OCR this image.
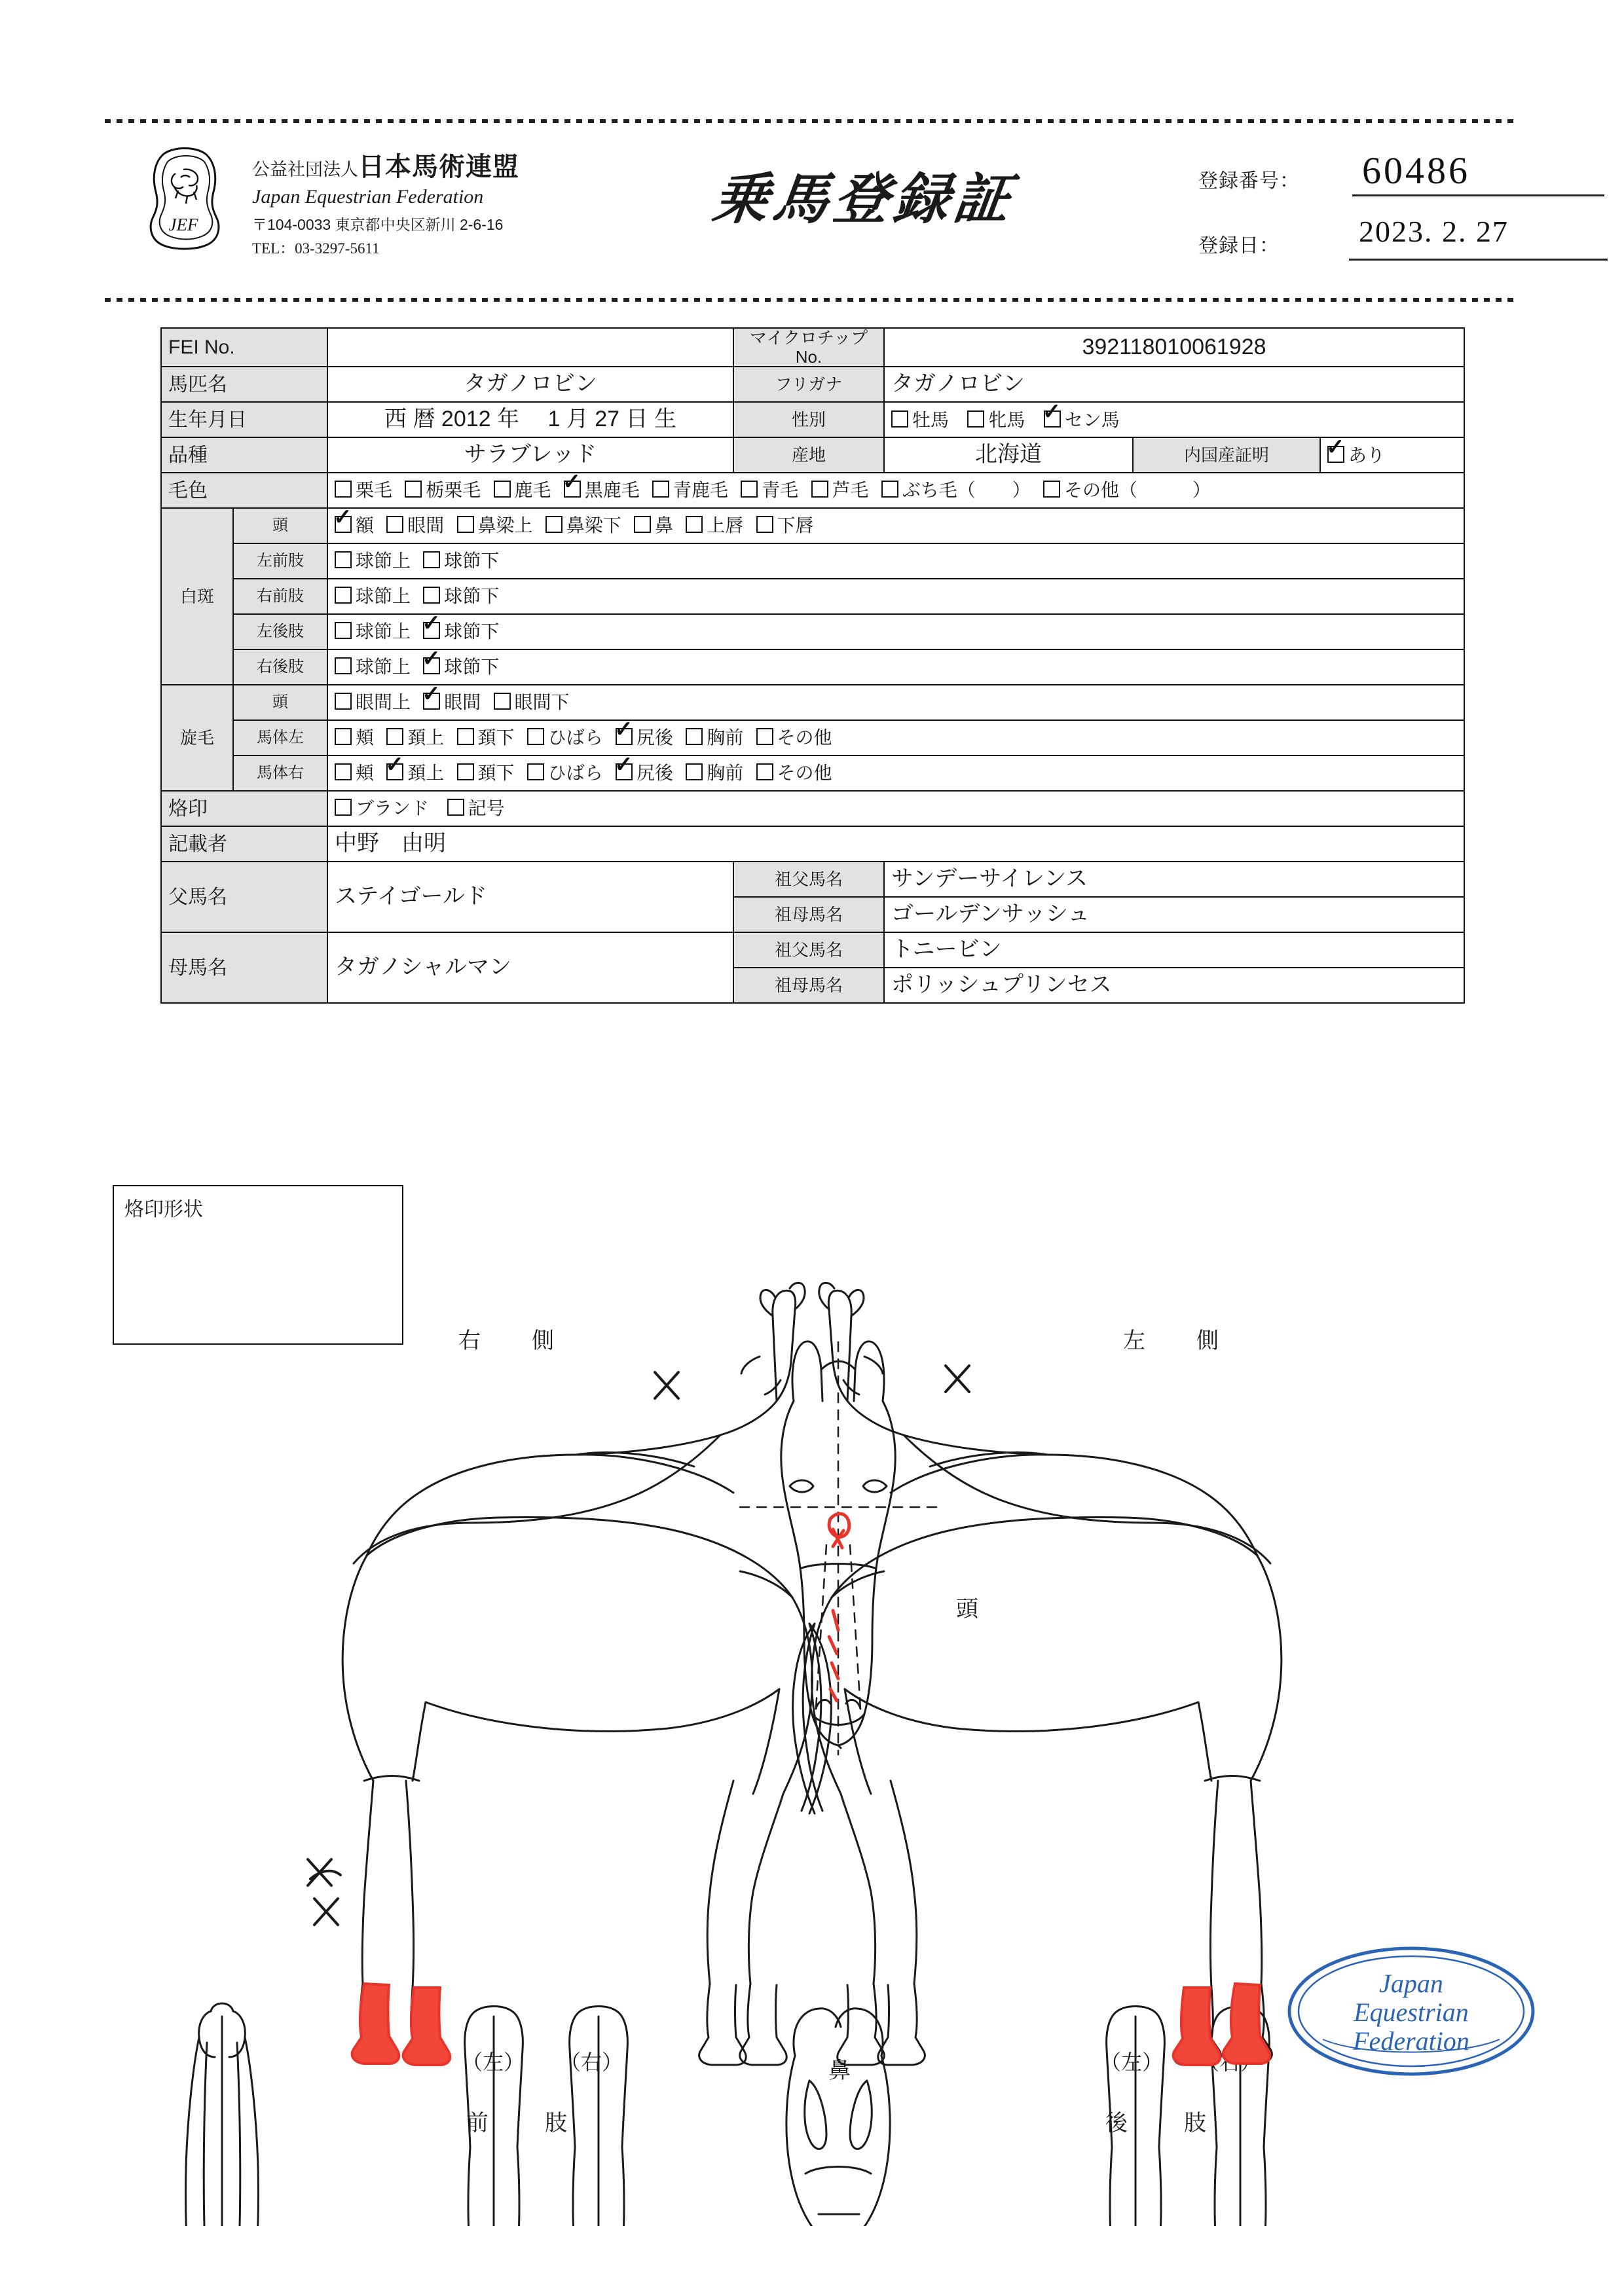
JEF
公益社団法人日本馬術連盟
Japan Equestrian Federation
〒104-0033 東京都中央区新川 2-6-16
TEL：03-3297-5611
乗馬登録証	登録番号： 60486
登録日：	2023. 2. 27
FEI No.			マイクロチップNo.	392118010061928		
馬匹名		タガノロビン	フリガナ	タガノロビン		
生年月日		西 暦 2012 年 　1 月 27 日 生	性別	牡馬 牝馬 ✓ セン馬		
品種		サラブレッド	産地	北海道	内国産証明	✓ あり
毛色		栗毛 栃栗毛 鹿毛 ✓ 黒鹿毛 青鹿毛 青毛 芦毛 ぶち毛（　　） その他（　　　）				
白斑	頭	✓ 額 眼間 鼻梁上 鼻梁下 鼻 上唇 下唇				
	左前肢	球節上 球節下				
	右前肢	球節上 球節下				
	左後肢	球節上 ✓ 球節下				
	右後肢	球節上 ✓ 球節下				
旋毛	頭	眼間上 ✓ 眼間 眼間下				
	馬体左	頬 頚上 頚下 ひばら ✓ 尻後 胸前 その他				
	馬体右	頬 ✓ 頚上 頚下 ひばら ✓ 尻後 胸前 その他				
烙印		ブランド 記号				
記載者		中野　由明				
父馬名		ステイゴールド	祖父馬名	サンデーサイレンス		
			祖母馬名	ゴールデンサッシュ		
母馬名		タガノシャルマン	祖父馬名	トニービン		
			祖母馬名	ポリッシュプリンセス		
烙印形状
右　側	左　側
頭
鼻
（左） （右）
前　肢
（左）
後　肢
Japan
Equestrian
Federation
